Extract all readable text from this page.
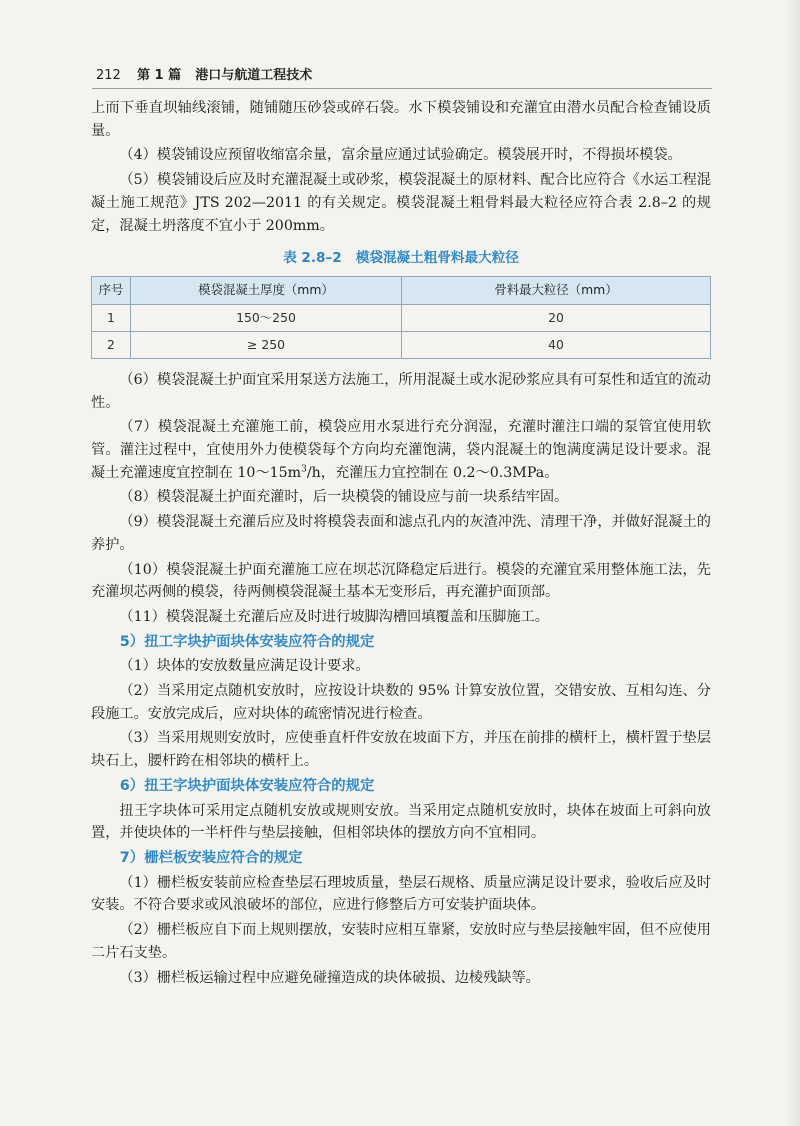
212 第 1 篇 港口与航道工程技术

上而下垂直坝轴线滚铺，随铺随压砂袋或碎石袋。水下模袋铺设和充灌宜由潜水员配合检查铺设质量。

（4）模袋铺设应预留收缩富余量，富余量应通过试验确定。模袋展开时，不得损坏模袋。

（5）模袋铺设后应及时充灌混凝土或砂浆，模袋混凝土的原材料、配合比应符合《水运工程混凝土施工规范》JTS 202—2011 的有关规定。模袋混凝土粗骨料最大粒径应符合表 2.8–2 的规定，混凝土坍落度不宜小于 200mm。

表 2.8–2 模袋混凝土粗骨料最大粒径
序号	模袋混凝土厚度（mm）	骨料最大粒径（mm）
1	150～250	20
2	≥ 250	40

（6）模袋混凝土护面宜采用泵送方法施工，所用混凝土或水泥砂浆应具有可泵性和适宜的流动性。

（7）模袋混凝土充灌施工前，模袋应用水泵进行充分润湿，充灌时灌注口端的泵管宜使用软管。灌注过程中，宜使用外力使模袋每个方向均充灌饱满，袋内混凝土的饱满度满足设计要求。混凝土充灌速度宜控制在 $10\sim 15m^3/h$，充灌压力宜控制在 0.2～0.3MPa。

（8）模袋混凝土护面充灌时，后一块模袋的铺设应与前一块系结牢固。

（9）模袋混凝土充灌后应及时将模袋表面和滤点孔内的灰渣冲洗、清理干净，并做好混凝土的养护。

（10）模袋混凝土护面充灌施工应在坝芯沉降稳定后进行。模袋的充灌宜采用整体施工法，先充灌坝芯两侧的模袋，待两侧模袋混凝土基本无变形后，再充灌护面顶部。

（11）模袋混凝土充灌后应及时进行坡脚沟槽回填覆盖和压脚施工。

5）扭工字块护面块体安装应符合的规定

（1）块体的安放数量应满足设计要求。

（2）当采用定点随机安放时，应按设计块数的 95% 计算安放位置，交错安放、互相勾连、分段施工。安放完成后，应对块体的疏密情况进行检查。

（3）当采用规则安放时，应使垂直杆件安放在坡面下方，并压在前排的横杆上，横杆置于垫层块石上，腰杆跨在相邻块的横杆上。

6）扭王字块护面块体安装应符合的规定

扭王字块体可采用定点随机安放或规则安放。当采用定点随机安放时，块体在坡面上可斜向放置，并使块体的一半杆件与垫层接触，但相邻块体的摆放方向不宜相同。

7）栅栏板安装应符合的规定

（1）栅栏板安装前应检查垫层石理坡质量，垫层石规格、质量应满足设计要求，验收后应及时安装。不符合要求或风浪破坏的部位，应进行修整后方可安装护面块体。

（2）栅栏板应自下而上规则摆放，安装时应相互靠紧，安放时应与垫层接触牢固，但不应使用二片石支垫。

（3）栅栏板运输过程中应避免碰撞造成的块体破损、边棱残缺等。
